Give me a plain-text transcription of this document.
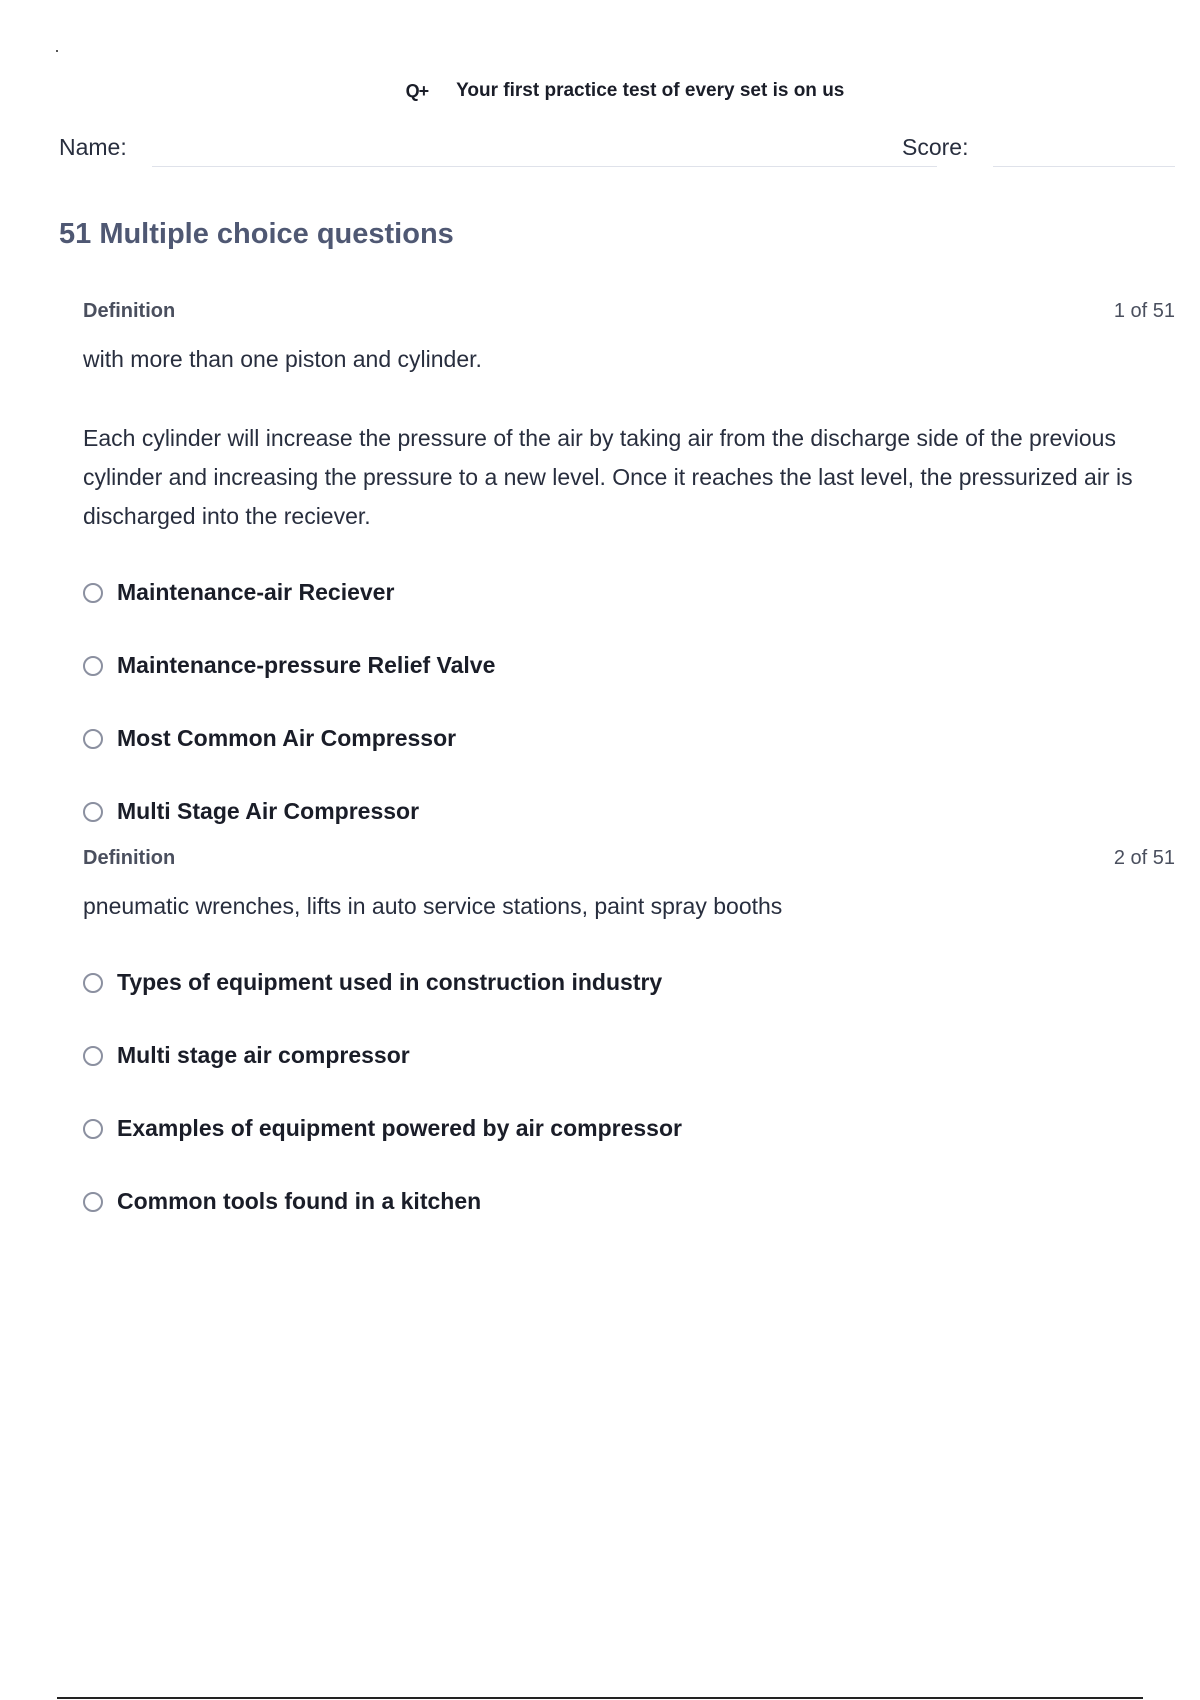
Q+ Your first practice test of every set is on us
Name:	Score:
51 Multiple choice questions
Definition	1 of 51

with more than one piston and cylinder.

Each cylinder will increase the pressure of the air by taking air from the discharge side of the previous cylinder and increasing the pressure to a new level. Once it reaches the last level, the pressurized air is discharged into the reciever.

Maintenance-air Reciever
Maintenance-pressure Relief Valve
Most Common Air Compressor
Multi Stage Air Compressor
Definition	2 of 51

pneumatic wrenches, lifts in auto service stations, paint spray booths

Types of equipment used in construction industry
Multi stage air compressor
Examples of equipment powered by air compressor
Common tools found in a kitchen
